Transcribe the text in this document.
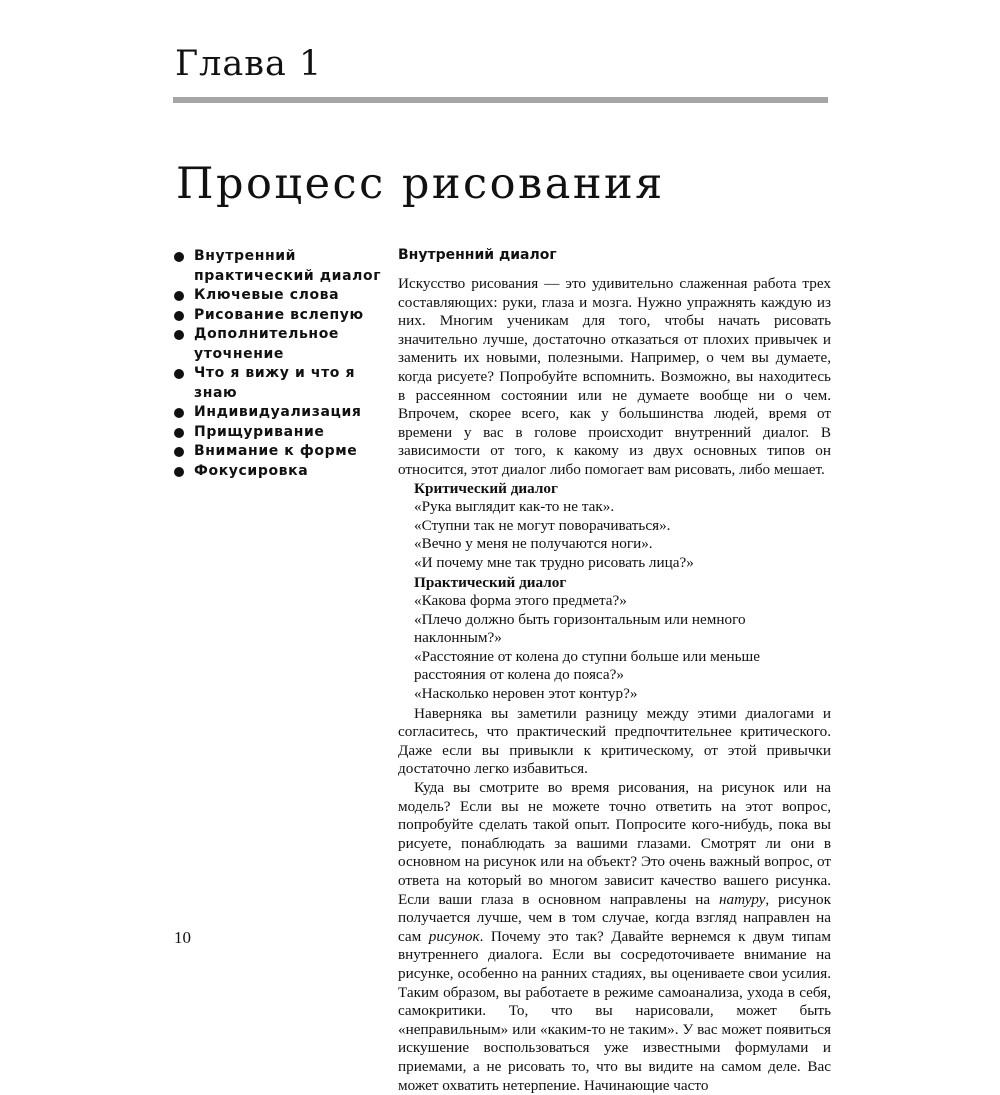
Глава 1
Процесс рисования
Внутренний практический диалог
Ключевые слова
Рисование вслепую
Дополнительное уточнение
Что я вижу и что я знаю
Индивидуализация
Прищуривание
Внимание к форме
Фокусировка
Внутренний диалог

Искусство рисования — это удивительно слаженная работа трех составляющих: руки, глаза и мозга. Нужно упражнять каждую из них. Многим ученикам для того, чтобы начать рисовать значительно лучше, достаточно отказаться от плохих привычек и заменить их новыми, полезными. Например, о чем вы думаете, когда рисуете? Попробуйте вспомнить. Возможно, вы находитесь в рассеянном состоянии или не думаете вообще ни о чем. Впрочем, скорее всего, как у большинства людей, время от времени у вас в голове происходит внутренний диалог. В зависимости от того, к какому из двух основных типов он относится, этот диалог либо помогает вам рисовать, либо мешает.

Критический диалог
«Рука выглядит как-то не так».
«Ступни так не могут поворачиваться».
«Вечно у меня не получаются ноги».
«И почему мне так трудно рисовать лица?»
Практический диалог
«Какова форма этого предмета?»
«Плечо должно быть горизонтальным или немного наклонным?»
«Расстояние от колена до ступни больше или меньше расстояния от колена до пояса?»
«Насколько неровен этот контур?»

Наверняка вы заметили разницу между этими диалогами и согласитесь, что практический предпочтительнее критического. Даже если вы привыкли к критическому, от этой привычки достаточно легко избавиться.

Куда вы смотрите во время рисования, на рисунок или на модель? Если вы не можете точно ответить на этот вопрос, попробуйте сделать такой опыт. Попросите кого-нибудь, пока вы рисуете, понаблюдать за вашими глазами. Смотрят ли они в основном на рисунок или на объект? Это очень важный вопрос, от ответа на который во многом зависит качество вашего рисунка. Если ваши глаза в основном направлены на натуру, рисунок получается лучше, чем в том случае, когда взгляд направлен на сам рисунок. Почему это так? Давайте вернемся к двум типам внутреннего диалога. Если вы сосредоточиваете внимание на рисунке, особенно на ранних стадиях, вы оцениваете свои усилия. Таким образом, вы работаете в режиме самоанализа, ухода в себя, самокритики. То, что вы нарисовали, может быть «неправильным» или «каким-то не таким». У вас может появиться искушение воспользоваться уже известными формулами и приемами, а не рисовать то, что вы видите на самом деле. Вас может охватить нетерпение. Начинающие часто

10
